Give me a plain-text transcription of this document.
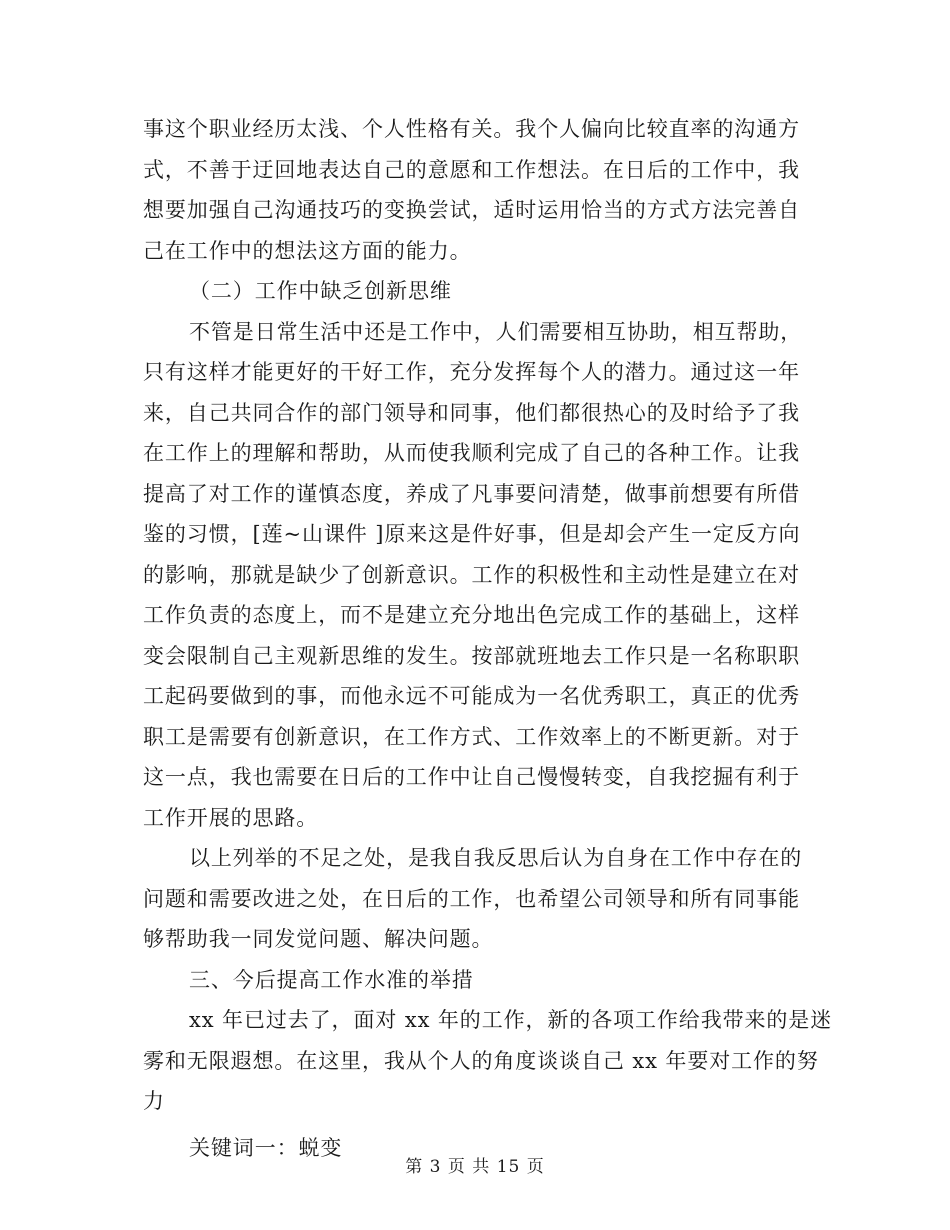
事这个职业经历太浅、个人性格有关。我个人偏向比较直率的沟通方
式，不善于迂回地表达自己的意愿和工作想法。在日后的工作中，我
想要加强自己沟通技巧的变换尝试，适时运用恰当的方式方法完善自
己在工作中的想法这方面的能力。
（二）工作中缺乏创新思维
不管是日常生活中还是工作中，人们需要相互协助，相互帮助，
只有这样才能更好的干好工作，充分发挥每个人的潜力。通过这一年
来，自己共同合作的部门领导和同事，他们都很热心的及时给予了我
在工作上的理解和帮助，从而使我顺利完成了自己的各种工作。让我
提高了对工作的谨慎态度，养成了凡事要问清楚，做事前想要有所借
鉴的习惯，[莲~山课件 ]原来这是件好事，但是却会产生一定反方向
的影响，那就是缺少了创新意识。工作的积极性和主动性是建立在对
工作负责的态度上，而不是建立充分地出色完成工作的基础上，这样
变会限制自己主观新思维的发生。按部就班地去工作只是一名称职职
工起码要做到的事，而他永远不可能成为一名优秀职工，真正的优秀
职工是需要有创新意识，在工作方式、工作效率上的不断更新。对于
这一点，我也需要在日后的工作中让自己慢慢转变，自我挖掘有利于
工作开展的思路。
以上列举的不足之处，是我自我反思后认为自身在工作中存在的
问题和需要改进之处，在日后的工作，也希望公司领导和所有同事能
够帮助我一同发觉问题、解决问题。
三、今后提高工作水准的举措
xx 年已过去了，面对 xx 年的工作，新的各项工作给我带来的是迷
雾和无限遐想。在这里，我从个人的角度谈谈自己 xx 年要对工作的努
力
关键词一：蜕变
第 3 页 共 15 页
